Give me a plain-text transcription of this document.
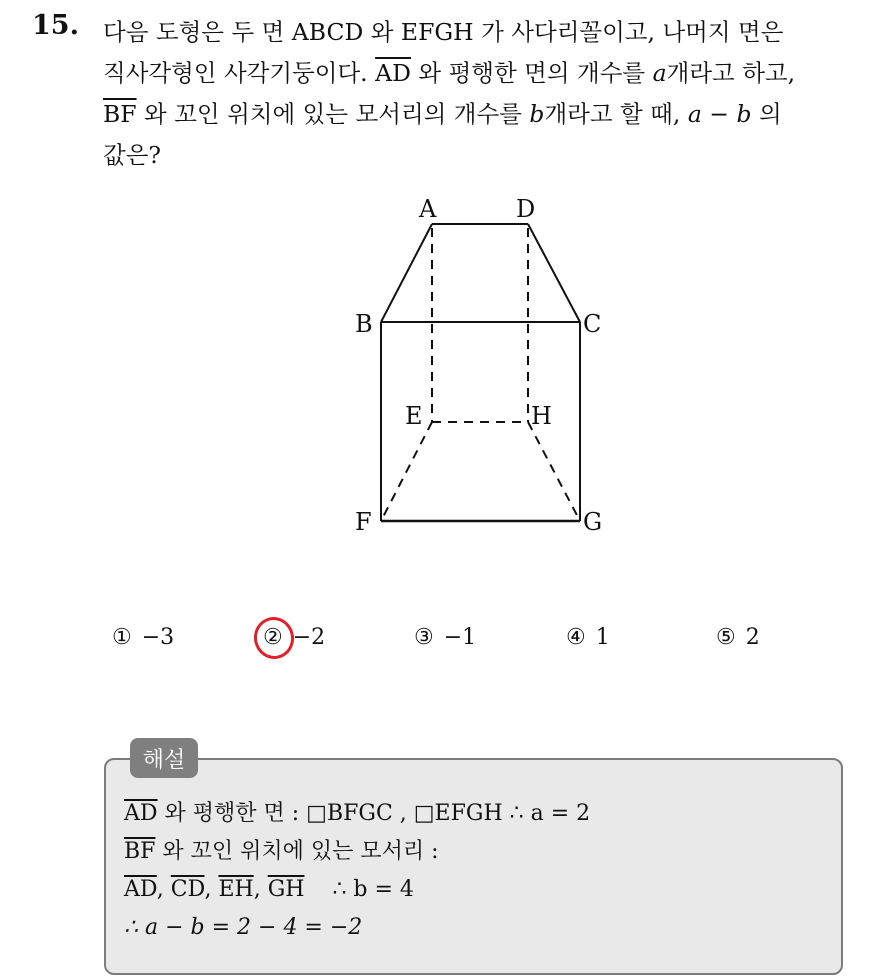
15. 다음 도형은 두 면 ABCD 와 EFGH 가 사다리꼴이고, 나머지 면은
직사각형인 사각기둥이다. $\overline{AD}$ 와 평행한 면의 개수를 a개라고 하고,
$\overline{BF}$ 와 꼬인 위치에 있는 모서리의 개수를 b개라고 할 때, a − b 의
값은?
A	D
B	C
E	H
F	G
① −3	② −2	③ −1	④ 1	⑤ 2
해설
$\overline{AD}$ 와 평행한 면 : □BFGC , □EFGH ∴ a = 2
$\overline{BF}$ 와 꼬인 위치에 있는 모서리 :
$\overline{AD}$, $\overline{CD}$, $\overline{EH}$, $\overline{GH}$ ∴ b = 4
∴ a − b = 2 − 4 = −2
